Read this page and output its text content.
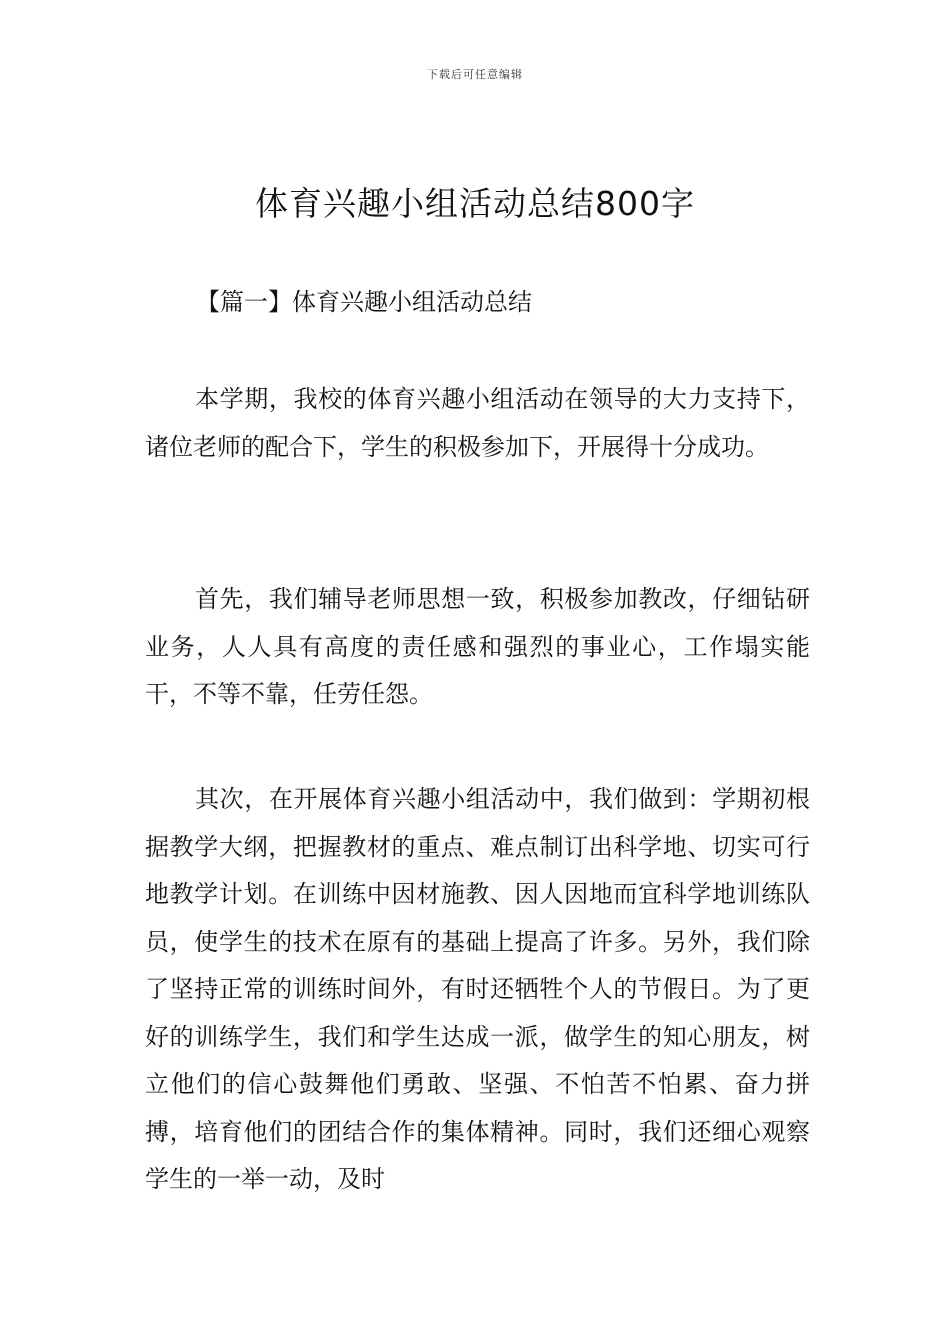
下载后可任意编辑
体育兴趣小组活动总结800字
【篇一】体育兴趣小组活动总结

本学期，我校的体育兴趣小组活动在领导的大力支持下，诸位老师的配合下，学生的积极参加下，开展得十分成功。

首先，我们辅导老师思想一致，积极参加教改，仔细钻研业务，人人具有高度的责任感和强烈的事业心，工作塌实能干，不等不靠，任劳任怨。

其次，在开展体育兴趣小组活动中，我们做到：学期初根据教学大纲，把握教材的重点、难点制订出科学地、切实可行地教学计划。在训练中因材施教、因人因地而宜科学地训练队员，使学生的技术在原有的基础上提高了许多。另外，我们除了坚持正常的训练时间外，有时还牺牲个人的节假日。为了更好的训练学生，我们和学生达成一派，做学生的知心朋友，树立他们的信心鼓舞他们勇敢、坚强、不怕苦不怕累、奋力拼搏，培育他们的团结合作的集体精神。同时，我们还细心观察学生的一举一动，及时
